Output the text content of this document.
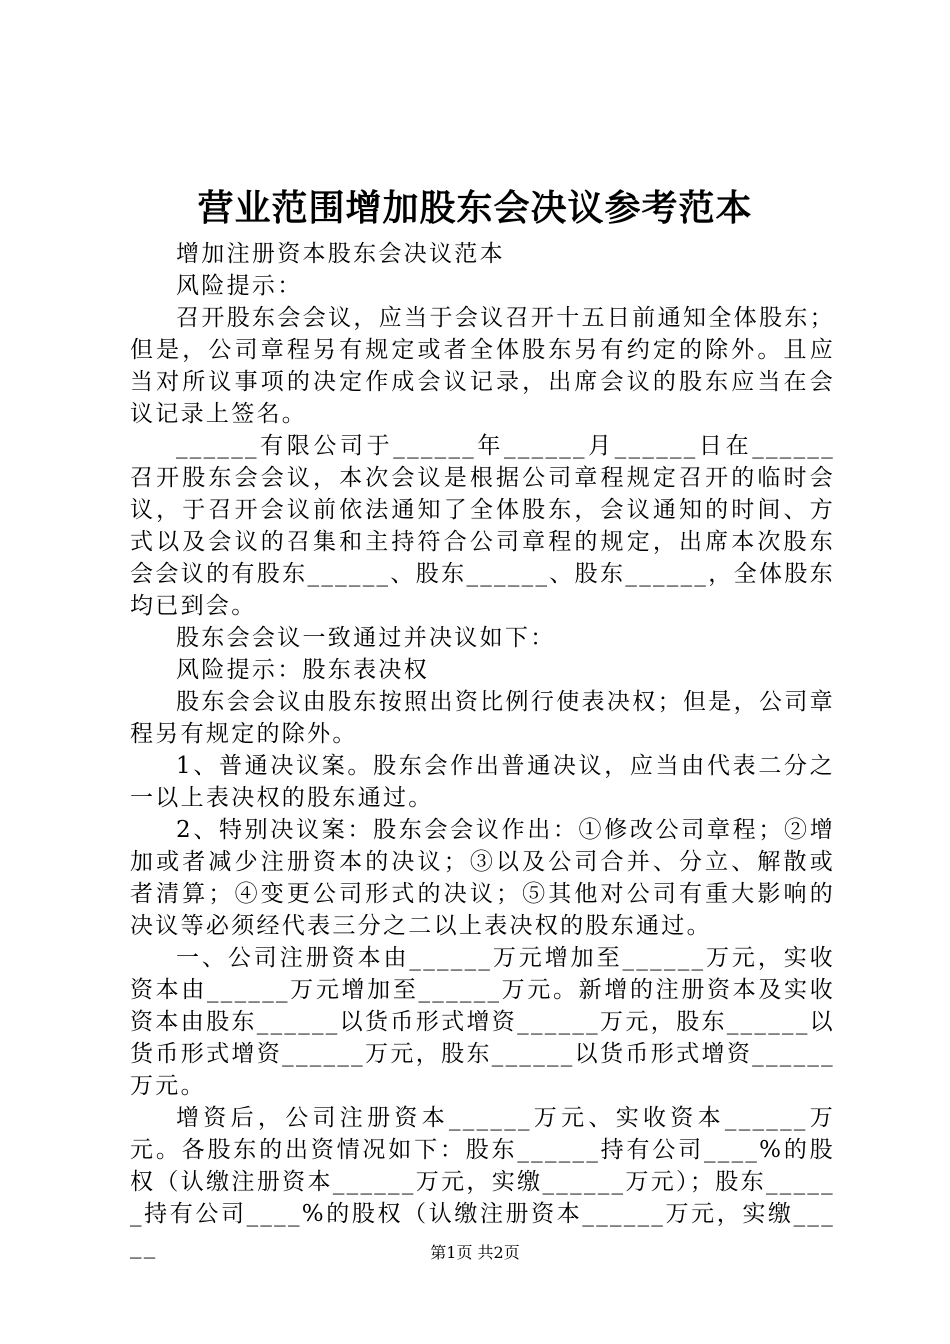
营业范围增加股东会决议参考范本

增加注册资本股东会决议范本

风险提示：

召开股东会会议，应当于会议召开十五日前通知全体股东；但是，公司章程另有规定或者全体股东另有约定的除外。且应当对所议事项的决定作成会议记录，出席会议的股东应当在会议记录上签名。

______有限公司于______年______月______日在______召开股东会会议，本次会议是根据公司章程规定召开的临时会议，于召开会议前依法通知了全体股东，会议通知的时间、方式以及会议的召集和主持符合公司章程的规定，出席本次股东会会议的有股东______、股东______、股东______，全体股东均已到会。

股东会会议一致通过并决议如下：

风险提示：股东表决权

股东会会议由股东按照出资比例行使表决权；但是，公司章程另有规定的除外。

1、普通决议案。股东会作出普通决议，应当由代表二分之一以上表决权的股东通过。

2、特别决议案：股东会会议作出：①修改公司章程；②增加或者减少注册资本的决议；③以及公司合并、分立、解散或者清算；④变更公司形式的决议；⑤其他对公司有重大影响的决议等必须经代表三分之二以上表决权的股东通过。

一、公司注册资本由______万元增加至______万元，实收资本由______万元增加至______万元。新增的注册资本及实收资本由股东______以货币形式增资______万元，股东______以货币形式增资______万元，股东______以货币形式增资______万元。

增资后，公司注册资本______万元、实收资本______万元。各股东的出资情况如下：股东______持有公司____%的股权（认缴注册资本______万元，实缴______万元）；股东______持有公司____%的股权（认缴注册资本______万元，实缴_____	第1页 共2页
